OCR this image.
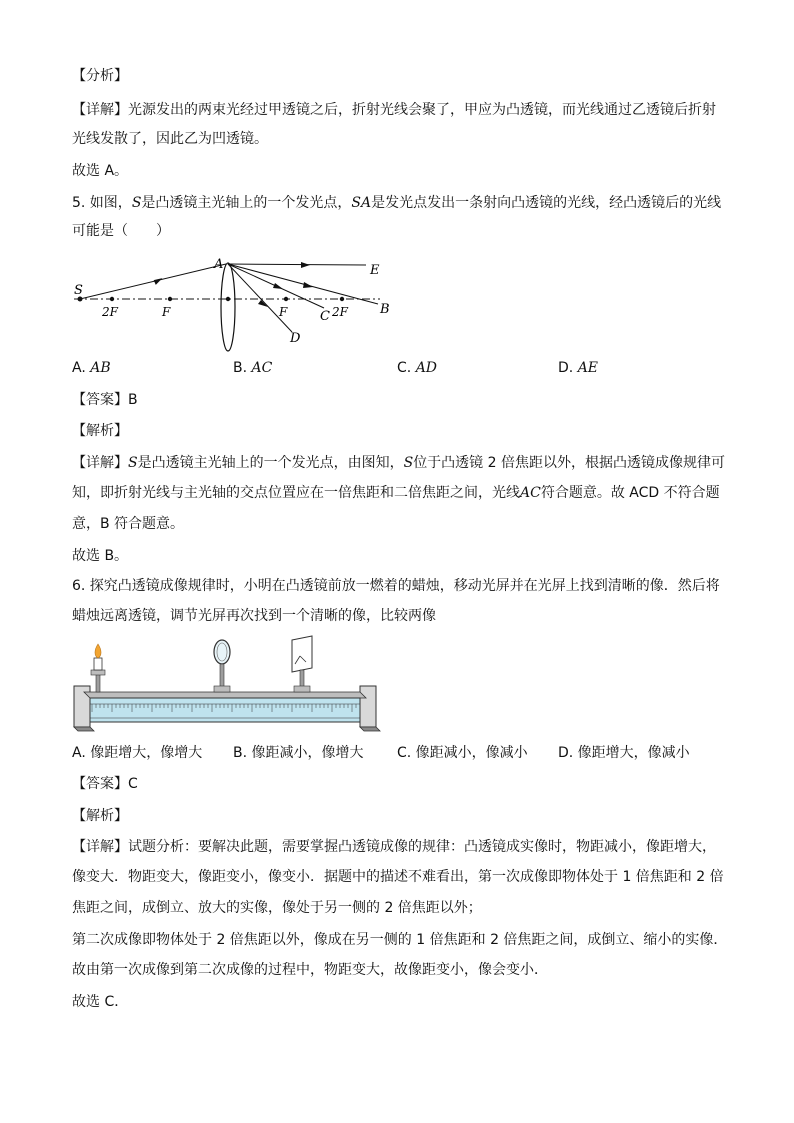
【分析】
【详解】光源发出的两束光经过甲透镜之后，折射光线会聚了，甲应为凸透镜，而光线通过乙透镜后折射
光线发散了，因此乙为凹透镜。
故选 A。
5. 如图，S是凸透镜主光轴上的一个发光点，SA是发光点发出一条射向凸透镜的光线，经凸透镜后的光线
可能是（　　）
S
A	E
B
C
D
2F	F	F	2F
A. AB	B. AC	C. AD	D. AE
【答案】B
【解析】
【详解】S是凸透镜主光轴上的一个发光点，由图知，S位于凸透镜 2 倍焦距以外，根据凸透镜成像规律可
知，即折射光线与主光轴的交点位置应在一倍焦距和二倍焦距之间，光线AC符合题意。故 ACD 不符合题
意，B 符合题意。
故选 B。
6. 探究凸透镜成像规律时，小明在凸透镜前放一燃着的蜡烛，移动光屏并在光屏上找到清晰的像．然后将
蜡烛远离透镜，调节光屏再次找到一个清晰的像，比较两像
A. 像距增大，像增大 B. 像距减小，像增大 C. 像距减小，像减小 D. 像距增大，像减小
【答案】C
【解析】
【详解】试题分析：要解决此题，需要掌握凸透镜成像的规律：凸透镜成实像时，物距减小，像距增大，
像变大．物距变大，像距变小，像变小．据题中的描述不难看出，第一次成像即物体处于 1 倍焦距和 2 倍
焦距之间，成倒立、放大的实像，像处于另一侧的 2 倍焦距以外；
第二次成像即物体处于 2 倍焦距以外，像成在另一侧的 1 倍焦距和 2 倍焦距之间，成倒立、缩小的实像．
故由第一次成像到第二次成像的过程中，物距变大，故像距变小，像会变小．
故选 C．
